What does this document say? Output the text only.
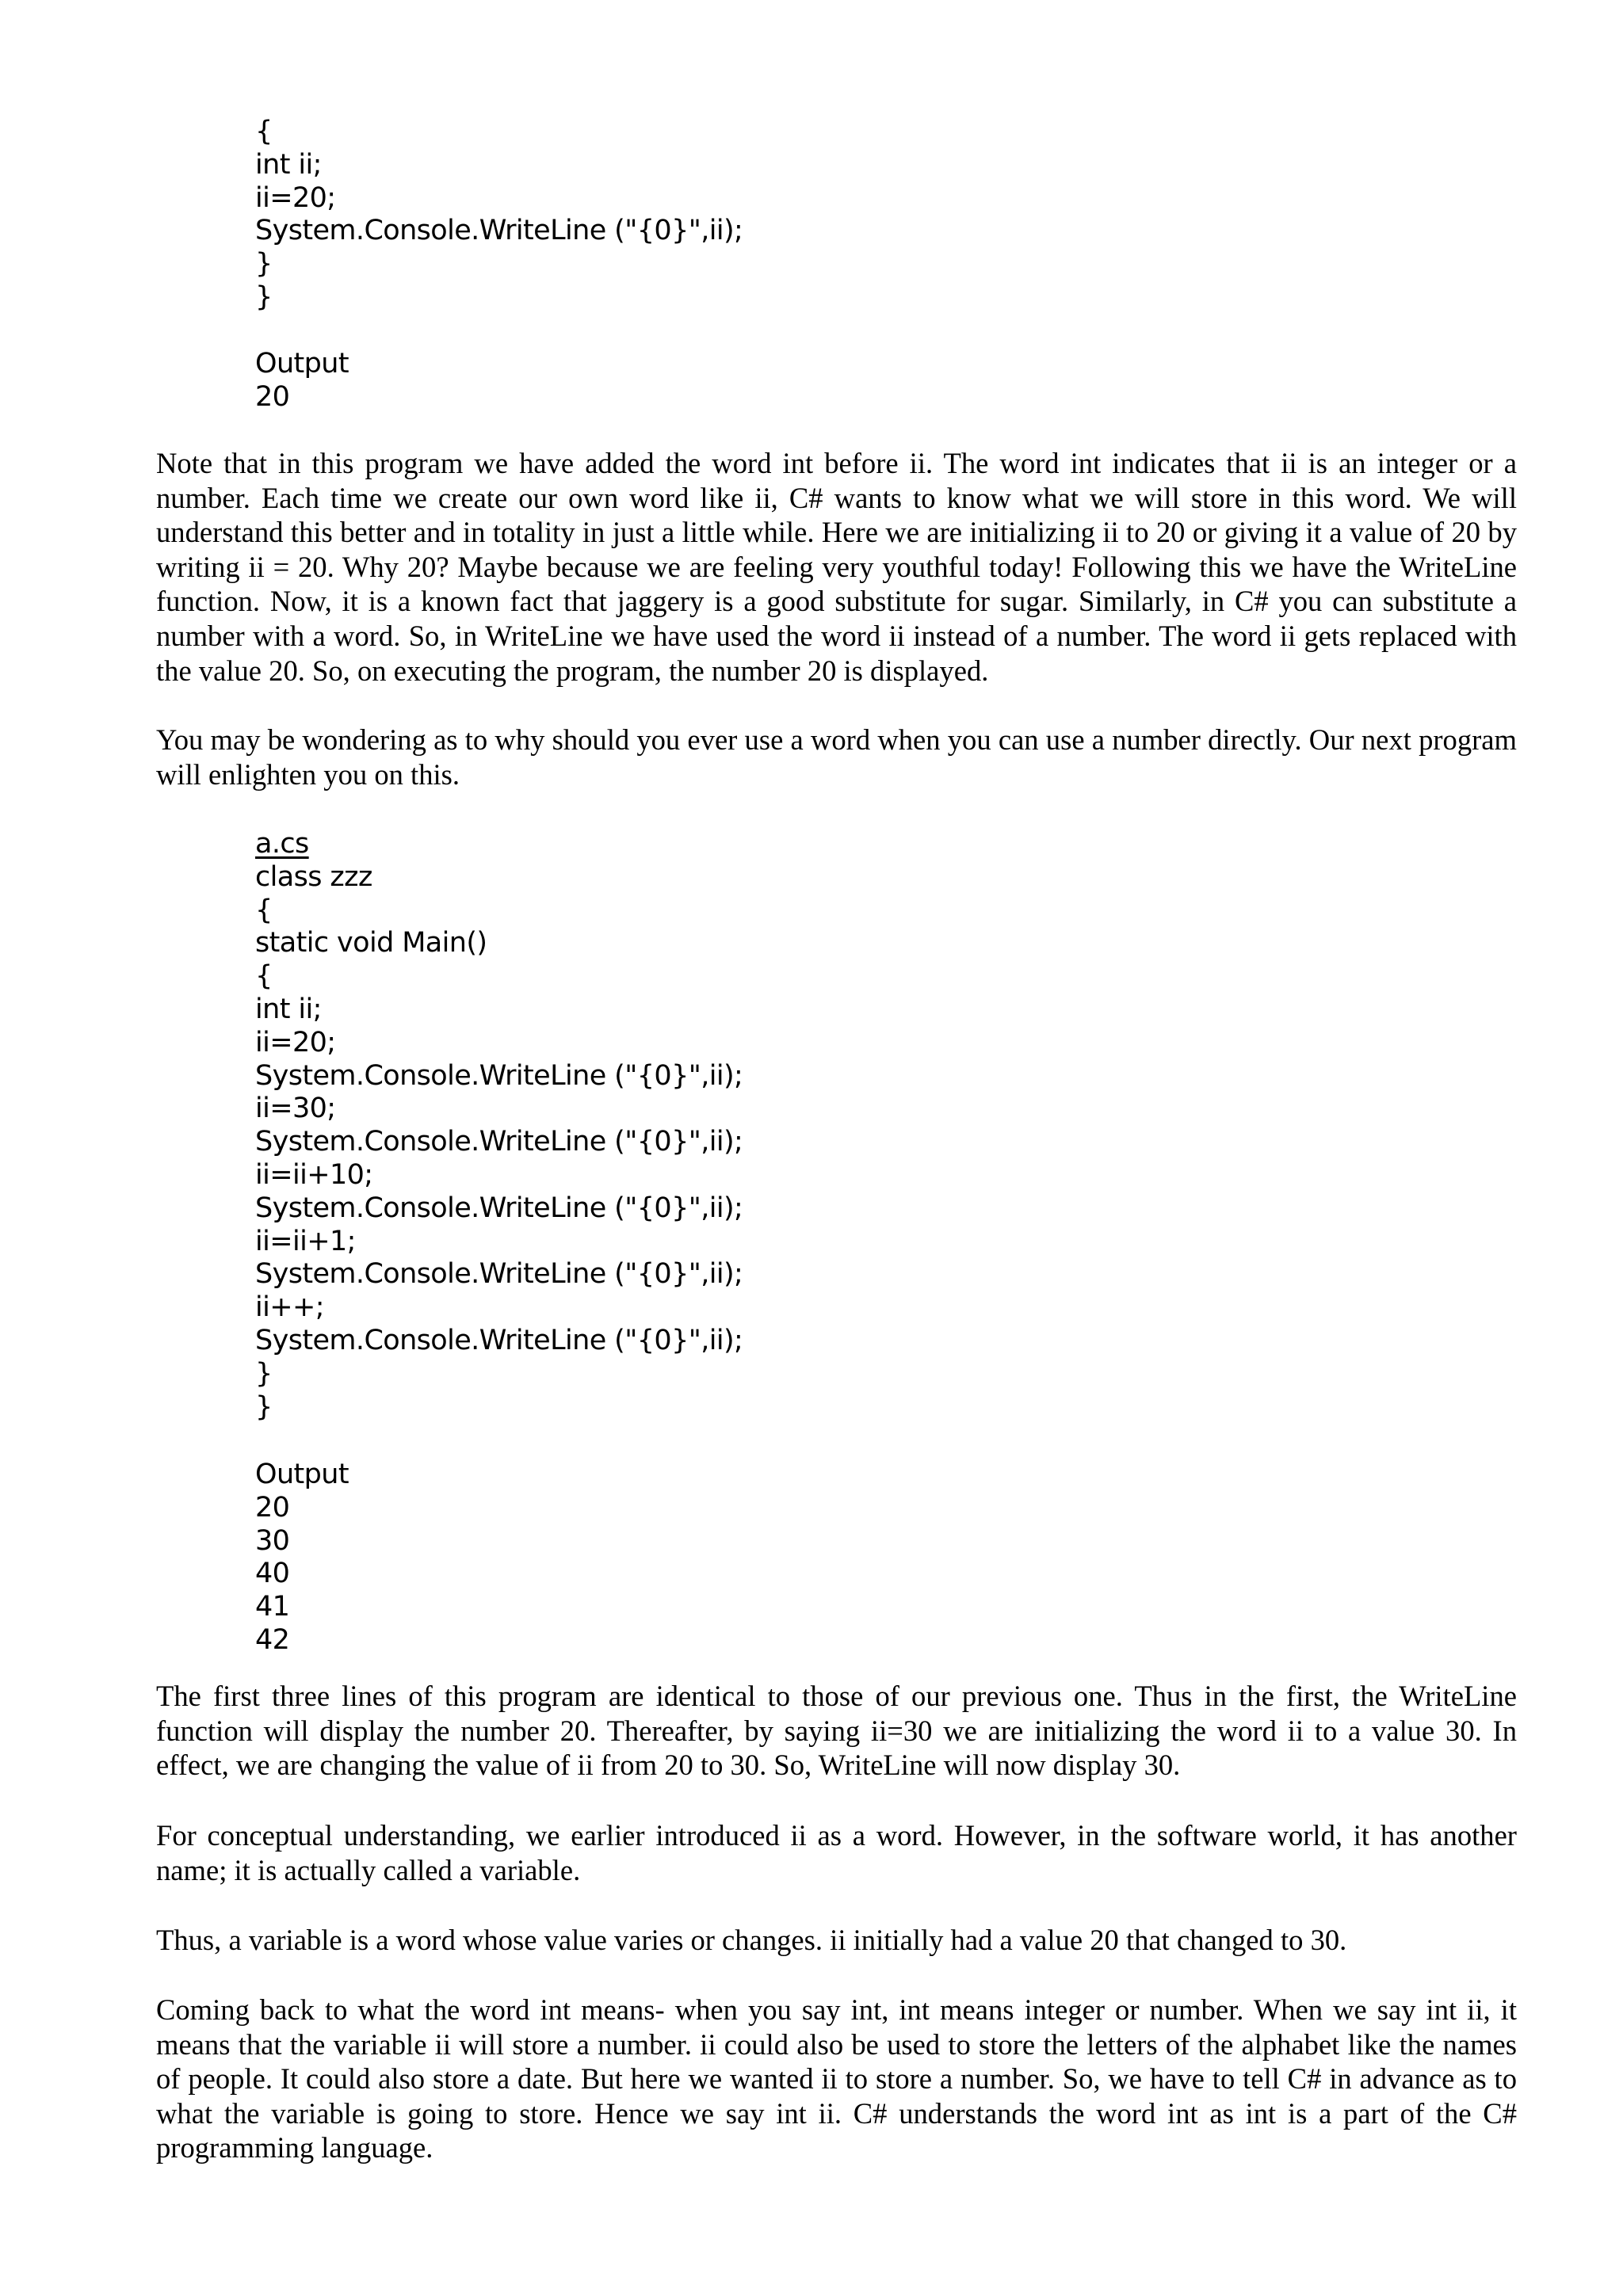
{
int ii;
ii=20;
System.Console.WriteLine ("{0}",ii);
}
}
Output
20

Note that in this program we have added the word int before ii. The word int indicates that ii is an integer or a number. Each time we create our own word like ii, C# wants to know what we will store in this word. We will understand this better and in totality in just a little while. Here we are initializing ii to 20 or giving it a value of 20 by writing ii = 20. Why 20? Maybe because we are feeling very youthful today! Following this we have the WriteLine function. Now, it is a known fact that jaggery is a good substitute for sugar. Similarly, in C# you can substitute a number with a word. So, in WriteLine we have used the word ii instead of a number. The word ii gets replaced with the value 20. So, on executing the program, the number 20 is displayed.

You may be wondering as to why should you ever use a word when you can use a number directly. Our next program will enlighten you on this.

a.cs
class zzz
{
static void Main()
{
int ii;
ii=20;
System.Console.WriteLine ("{0}",ii);
ii=30;
System.Console.WriteLine ("{0}",ii);
ii=ii+10;
System.Console.WriteLine ("{0}",ii);
ii=ii+1;
System.Console.WriteLine ("{0}",ii);
ii++;
System.Console.WriteLine ("{0}",ii);
}
}
Output
20
30
40
41
42

The first three lines of this program are identical to those of our previous one. Thus in the first, the WriteLine function will display the number 20. Thereafter, by saying ii=30 we are initializing the word ii to a value 30. In effect, we are changing the value of ii from 20 to 30. So, WriteLine will now display 30.

For conceptual understanding, we earlier introduced ii as a word. However, in the software world, it has another name; it is actually called a variable.

Thus, a variable is a word whose value varies or changes. ii initially had a value 20 that changed to 30.

Coming back to what the word int means- when you say int, int means integer or number. When we say int ii, it means that the variable ii will store a number. ii could also be used to store the letters of the alphabet like the names of people. It could also store a date. But here we wanted ii to store a number. So, we have to tell C# in advance as to what the variable is going to store. Hence we say int ii. C# understands the word int as int is a part of the C# programming language.
